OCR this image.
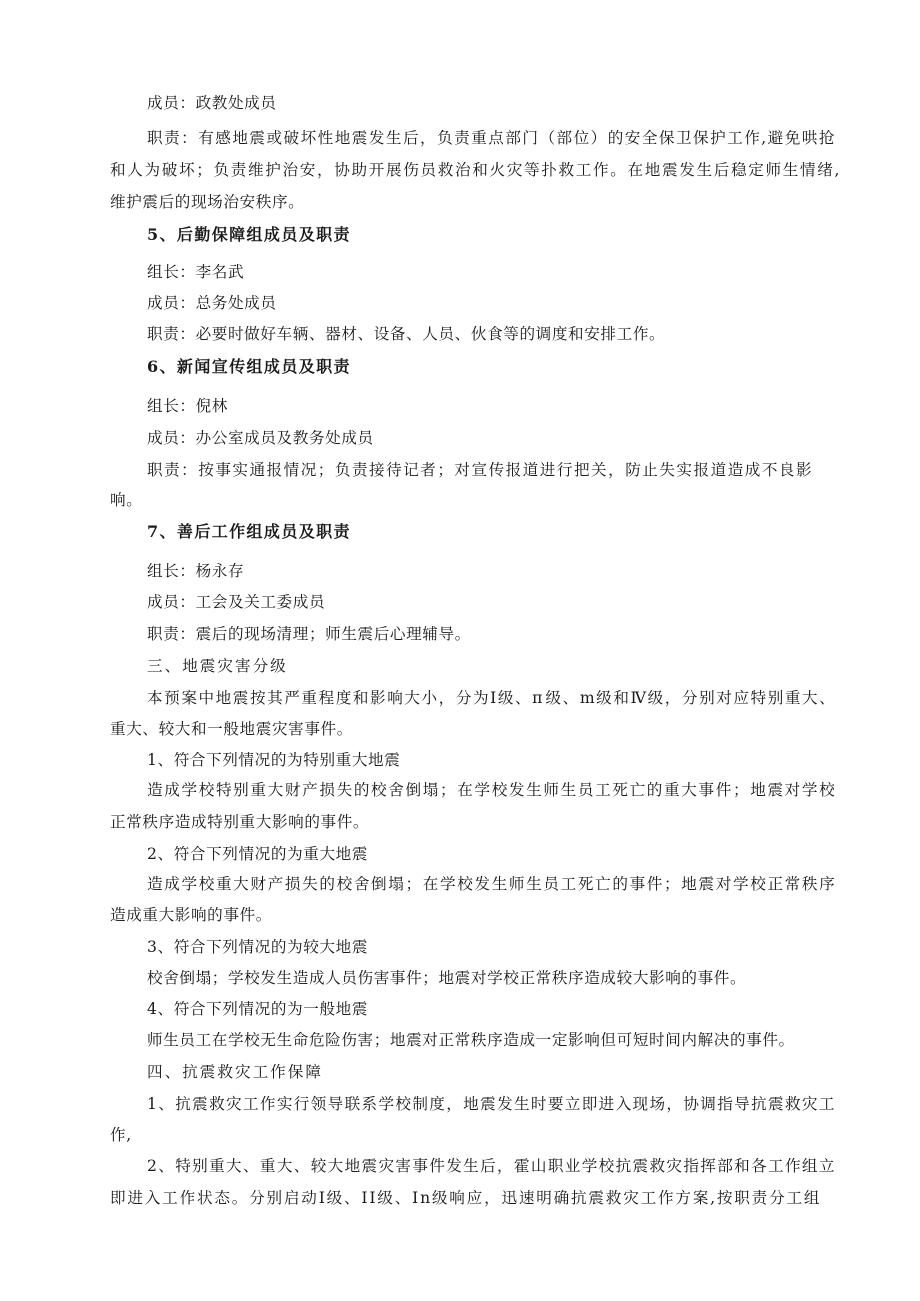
成员：政教处成员

职 责 ： 有 感 地 震 或 破 坏 性 地 震 发 生 后 ， 负 责 重 点 部 门 （ 部 位 ） 的 安 全 保 卫 保 护 工 作 , 避 免 哄 抢

和 人 为 破 坏 ； 负 责 维 护 治 安 ， 协 助 开 展 伤 员 救 治 和 火 灾 等 扑 救 工 作 。 在 地 震 发 生 后 稳 定 师 生 情 绪 ,

维护震后的现场治安秩序。

5、后勤保障组成员及职责

组长：李名武

成员：总务处成员

职责：必要时做好车辆、器材、设备、人员、伙食等的调度和安排工作。

6、新闻宣传组成员及职责

组长：倪林

成员：办公室成员及教务处成员

职 责 ： 按 事 实 通 报 情 况 ； 负 责 接 待 记 者 ； 对 宣 传 报 道 进 行 把 关 ， 防 止 失 实 报 道 造 成 不 良 影

响。

7、善后工作组成员及职责

组长：杨永存

成员：工会及关工委成员

职责：震后的现场清理；师生震后心理辅导。

三、地震灾害分级

本 预 案 中 地 震 按 其 严 重 程 度 和 影 响 大 小 ， 分 为 Ⅰ 级 、 π 级 、 m 级 和 Ⅳ 级 ， 分 别 对 应 特 别 重 大 、

重大、较大和一般地震灾害事件。

1、符合下列情况的为特别重大地震

造 成 学 校 特 别 重 大 财 产 损 失 的 校 舍 倒 塌 ； 在 学 校 发 生 师 生 员 工 死 亡 的 重 大 事 件 ； 地 震 对 学 校

正常秩序造成特别重大影响的事件。

2、符合下列情况的为重大地震

造 成 学 校 重 大 财 产 损 失 的 校 舍 倒 塌 ； 在 学 校 发 生 师 生 员 工 死 亡 的 事 件 ； 地 震 对 学 校 正 常 秩 序

造成重大影响的事件。

3、符合下列情况的为较大地震

校舍倒塌；学校发生造成人员伤害事件；地震对学校正常秩序造成较大影响的事件。

4、符合下列情况的为一般地震

师生员工在学校无生命危险伤害；地震对正常秩序造成一定影响但可短时间内解决的事件。

四、抗震救灾工作保障

1 、 抗 震 救 灾 工 作 实 行 领 导 联 系 学 校 制 度 ， 地 震 发 生 时 要 立 即 进 入 现 场 ， 协 调 指 导 抗 震 救 灾 工

作,

2 、 特 别 重 大 、 重 大 、 较 大 地 震 灾 害 事 件 发 生 后 ， 霍 山 职 业 学 校 抗 震 救 灾 指 挥 部 和 各 工 作 组 立

即 进 入 工 作 状 态 。 分 别 启 动 Ⅰ 级 、 I I 级 、 I n 级 响 应 ， 迅 速 明 确 抗 震 救 灾 工 作 方 案 , 按 职 责 分 工 组
